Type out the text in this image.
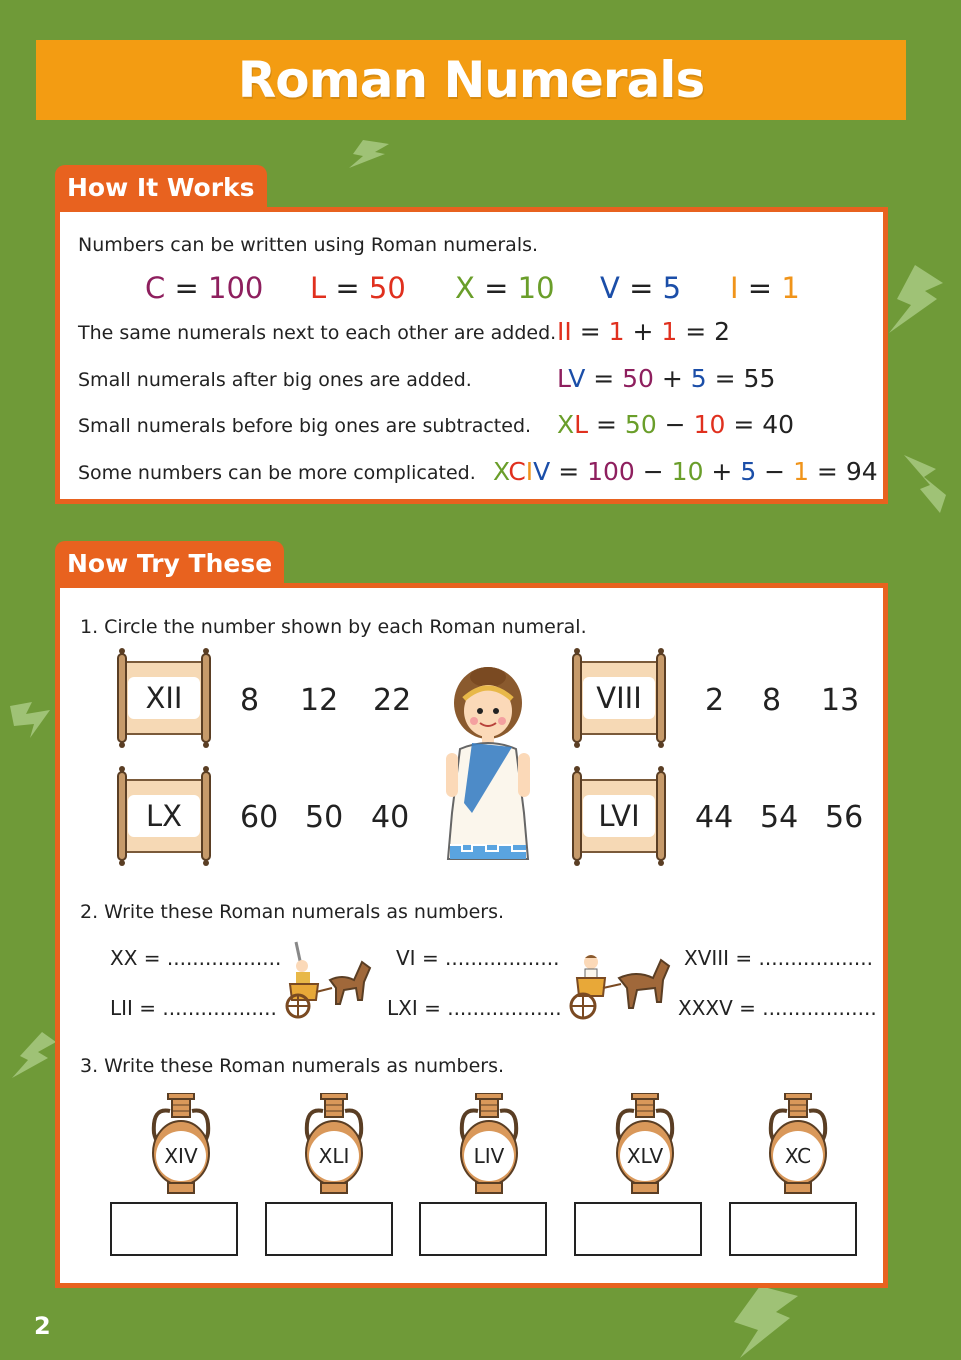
Roman Numerals
How It Works
Numbers can be written using Roman numerals.
C = 100 L = 50 X = 10 V = 5 I = 1
The same numerals next to each other are added. II = 1 + 1 = 2
Small numerals after big ones are added.	LV = 50 + 5 = 55
Small numerals before big ones are subtracted. XL = 50 − 10 = 40
Some numbers can be more complicated. XCIV = 100 − 10 + 5 − 1 = 94
Now Try These
1. Circle the number shown by each Roman numeral.
XII	8 12 22
LX	60 50 40
VIII	2 8 13
LVI	44 54 56
2. Write these Roman numerals as numbers.
XX = ..................
LII = ..................
VI = ..................
LXI = ..................
XVIII = ..................
XXXV = ..................
3. Write these Roman numerals as numbers.
XIV	XLI	LIV	XLV	XC
2
